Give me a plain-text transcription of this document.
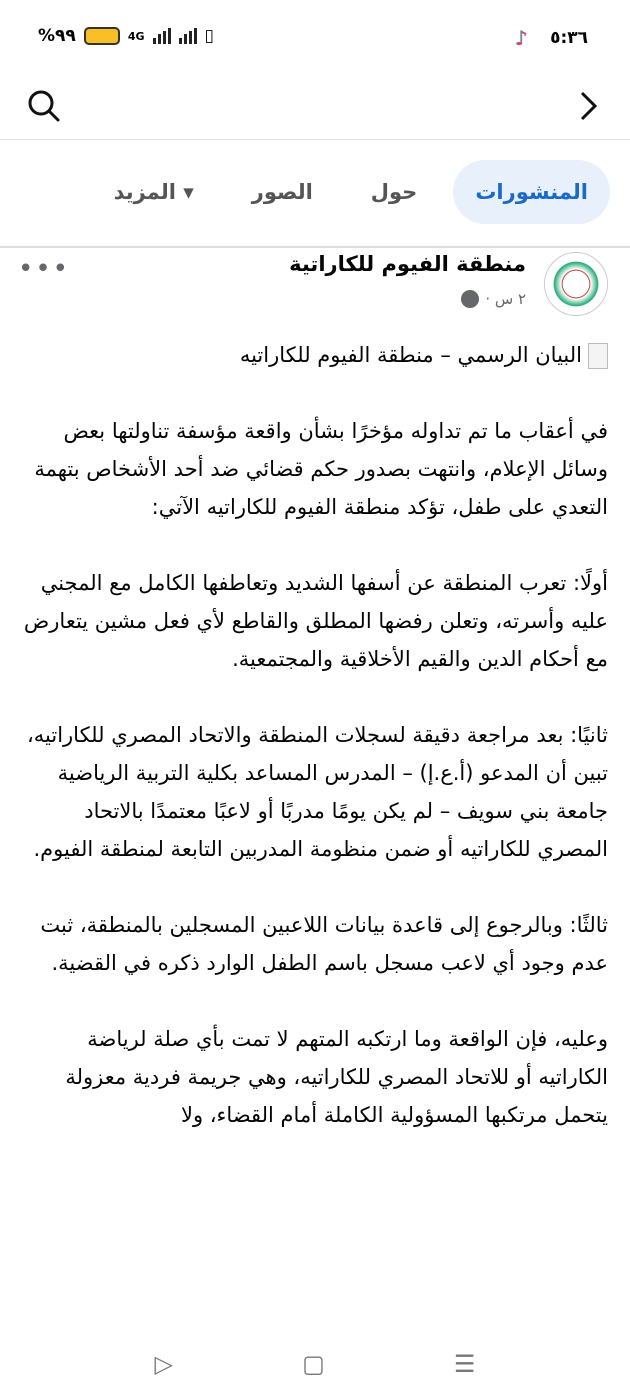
%٩٩	4G	▯	♪ ٥:٣٦
المنشورات
حول
الصور
المزيد ▾
منطقة الفيوم للكاراتية
٢ س ·
•••

البيان الرسمي – منطقة الفيوم للكاراتيه

في أعقاب ما تم تداوله مؤخرًا بشأن واقعة مؤسفة تناولتها بعض وسائل الإعلام، وانتهت بصدور حكم قضائي ضد أحد الأشخاص بتهمة التعدي على طفل، تؤكد منطقة الفيوم للكاراتيه الآتي:

أولًا: تعرب المنطقة عن أسفها الشديد وتعاطفها الكامل مع المجني عليه وأسرته، وتعلن رفضها المطلق والقاطع لأي فعل مشين يتعارض مع أحكام الدين والقيم الأخلاقية والمجتمعية.

ثانيًا: بعد مراجعة دقيقة لسجلات المنطقة والاتحاد المصري للكاراتيه، تبين أن المدعو (أ.ع.إ) – المدرس المساعد بكلية التربية الرياضية جامعة بني سويف – لم يكن يومًا مدربًا أو لاعبًا معتمدًا بالاتحاد المصري للكاراتيه أو ضمن منظومة المدربين التابعة لمنطقة الفيوم.

ثالثًا: وبالرجوع إلى قاعدة بيانات اللاعبين المسجلين بالمنطقة، ثبت عدم وجود أي لاعب مسجل باسم الطفل الوارد ذكره في القضية.

وعليه، فإن الواقعة وما ارتكبه المتهم لا تمت بأي صلة لرياضة الكاراتيه أو للاتحاد المصري للكاراتيه، وهي جريمة فردية معزولة يتحمل مرتكبها المسؤولية الكاملة أمام القضاء، ولا

▷	▢	☰
